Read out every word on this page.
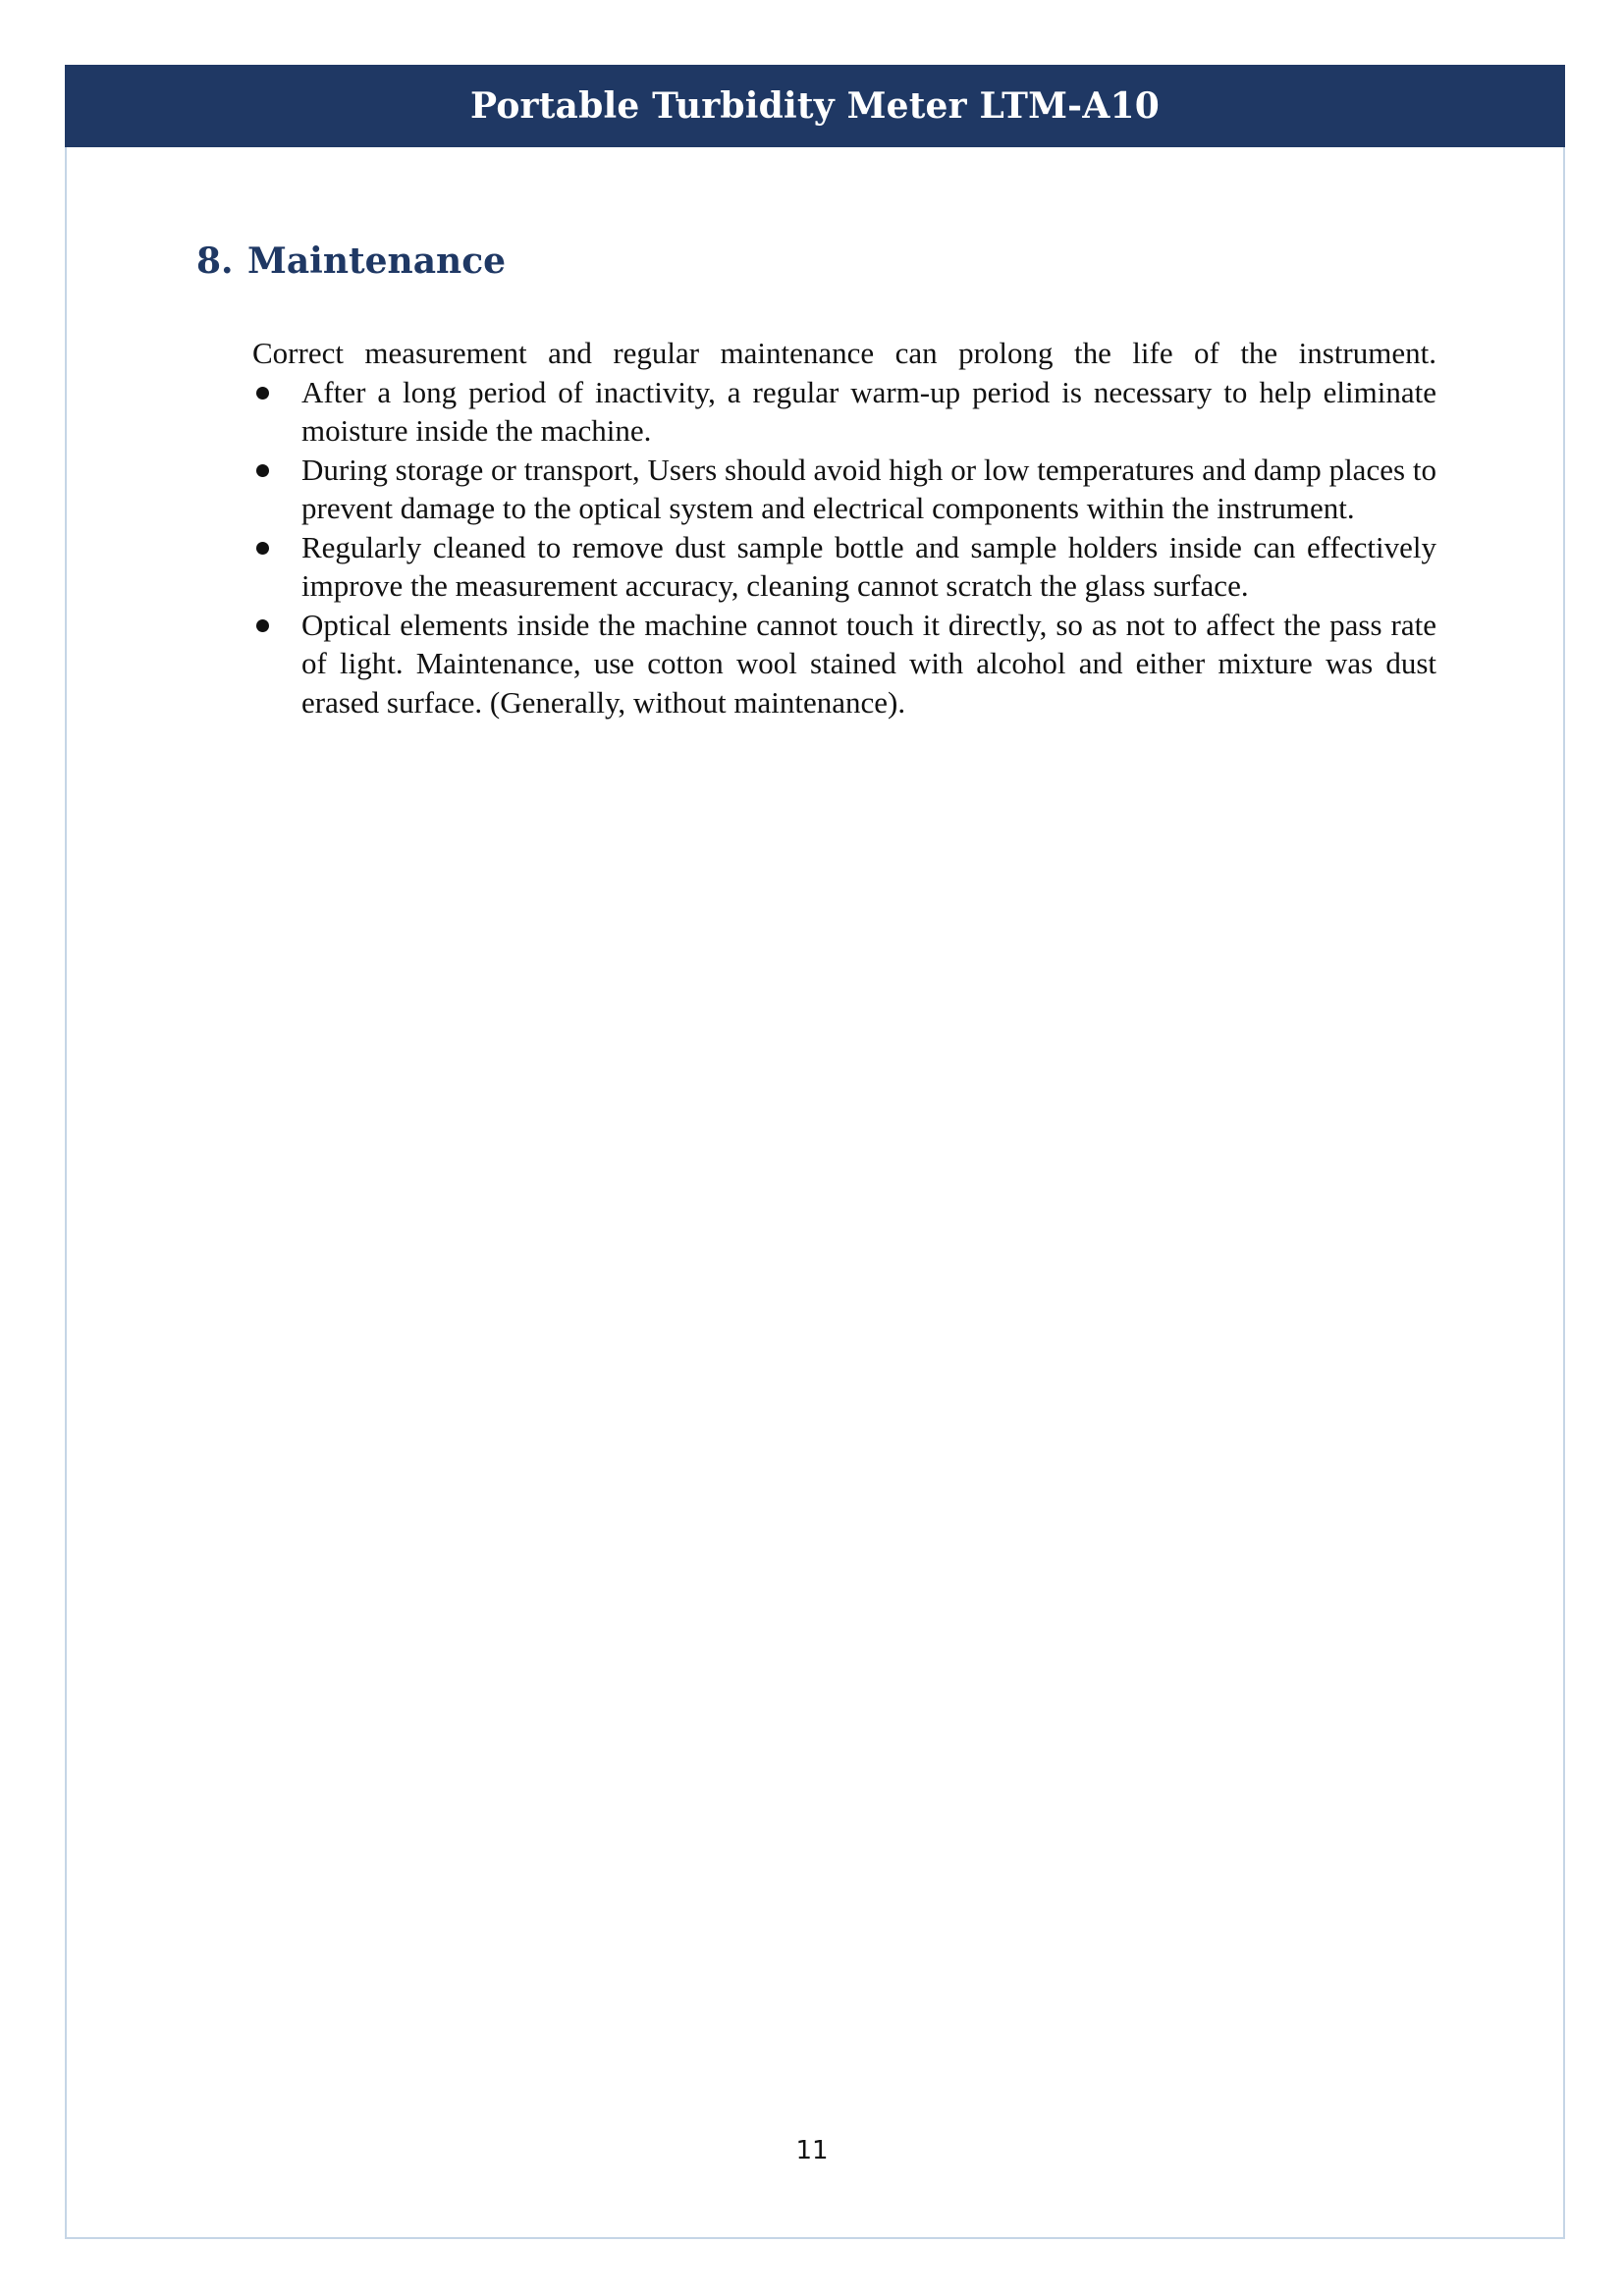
Portable Turbidity Meter LTM-A10
8. Maintenance

Correct measurement and regular maintenance can prolong the life of the instrument.

After a long period of inactivity, a regular warm-up period is necessary to help eliminate moisture inside the machine.
During storage or transport, Users should avoid high or low temperatures and damp places to prevent damage to the optical system and electrical components within the instrument.
Regularly cleaned to remove dust sample bottle and sample holders inside can effectively improve the measurement accuracy, cleaning cannot scratch the glass surface.
Optical elements inside the machine cannot touch it directly, so as not to affect the pass rate of light. Maintenance, use cotton wool stained with alcohol and either mixture was dust erased surface. (Generally, without maintenance).
11
